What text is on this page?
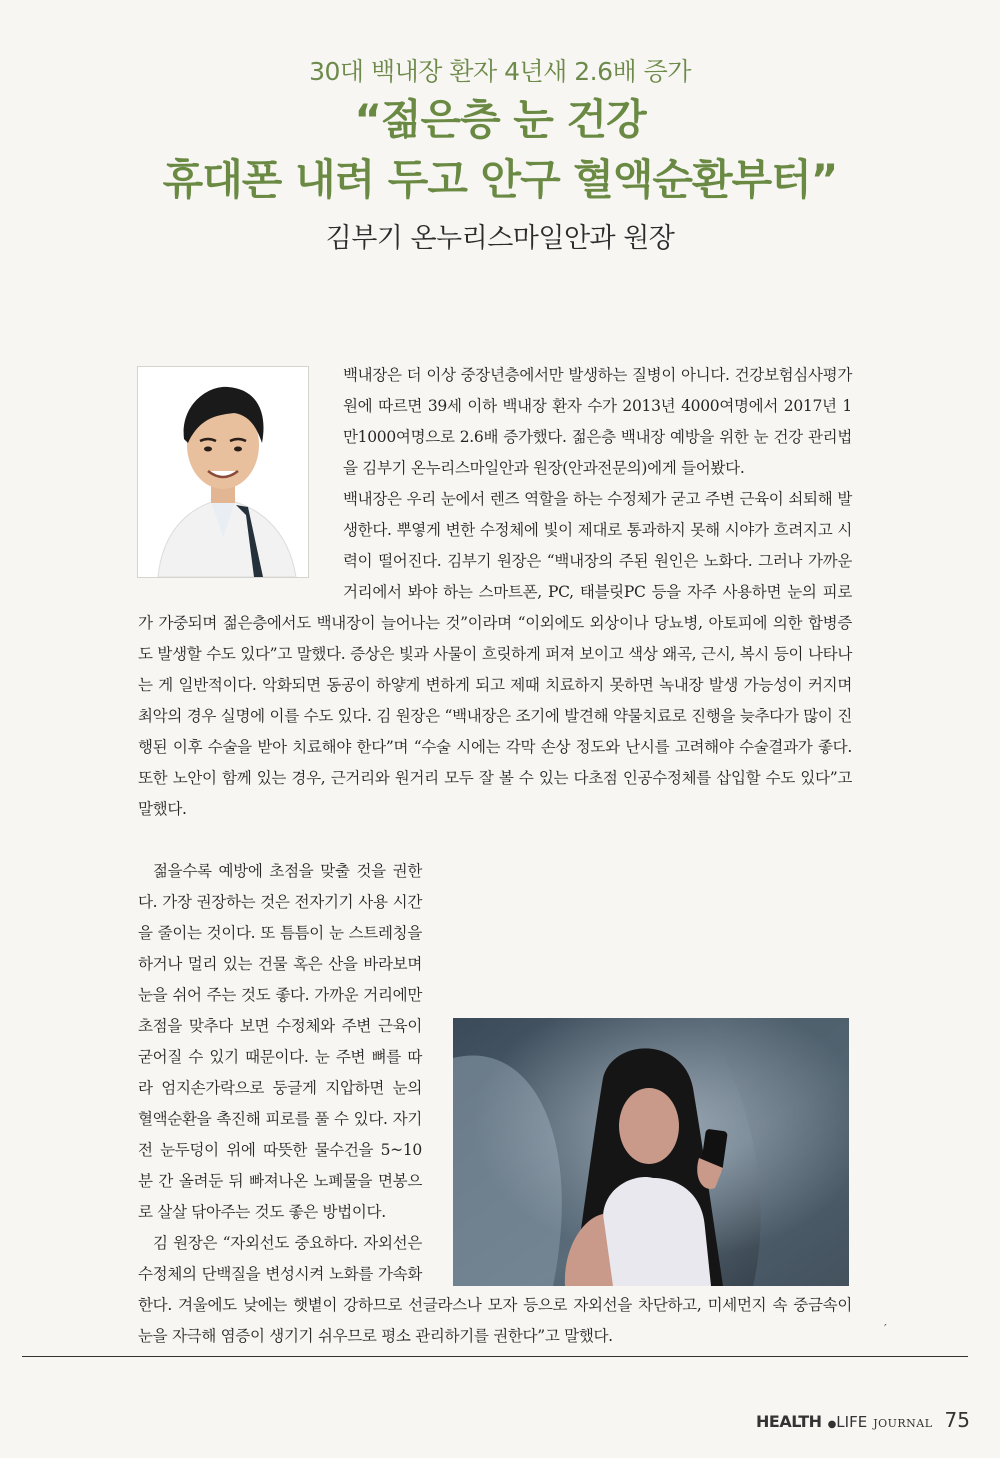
30대 백내장 환자 4년새 2.6배 증가
“젊은층 눈 건강
휴대폰 내려 두고 안구 혈액순환부터”
김부기 온누리스마일안과 원장
백내장은 더 이상 중장년층에서만 발생하는 질병이 아니다. 건강보험심사평가원에 따르면 39세 이하 백내장 환자 수가 2013년 4000여명에서 2017년 1만1000여명으로 2.6배 증가했다. 젊은층 백내장 예방을 위한 눈 건강 관리법을 김부기 온누리스마일안과 원장(안과전문의)에게 들어봤다.
백내장은 우리 눈에서 렌즈 역할을 하는 수정체가 굳고 주변 근육이 쇠퇴해 발생한다. 뿌옇게 변한 수정체에 빛이 제대로 통과하지 못해 시야가 흐려지고 시력이 떨어진다. 김부기 원장은 “백내장의 주된 원인은 노화다. 그러나 가까운 거리에서 봐야 하는 스마트폰, PC, 태블릿PC 등을 자주 사용하면 눈의 피로가 가중되며 젊은층에서도 백내장이 늘어나는 것”이라며 “이외에도 외상이나 당뇨병, 아토피에 의한 합병증도 발생할 수도 있다”고 말했다. 증상은 빛과 사물이 흐릿하게 퍼져 보이고 색상 왜곡, 근시, 복시 등이 나타나는 게 일반적이다. 악화되면 동공이 하얗게 변하게 되고 제때 치료하지 못하면 녹내장 발생 가능성이 커지며 최악의 경우 실명에 이를 수도 있다. 김 원장은 “백내장은 조기에 발견해 약물치료로 진행을 늦추다가 많이 진행된 이후 수술을 받아 치료해야 한다”며 “수술 시에는 각막 손상 정도와 난시를 고려해야 수술결과가 좋다. 또한 노안이 함께 있는 경우, 근거리와 원거리 모두 잘 볼 수 있는 다초점 인공수정체를 삽입할 수도 있다”고 말했다.
젊을수록 예방에 초점을 맞출 것을 권한다. 가장 권장하는 것은 전자기기 사용 시간을 줄이는 것이다. 또 틈틈이 눈 스트레칭을 하거나 멀리 있는 건물 혹은 산을 바라보며 눈을 쉬어 주는 것도 좋다. 가까운 거리에만 초점을 맞추다 보면 수정체와 주변 근육이 굳어질 수 있기 때문이다. 눈 주변 뼈를 따라 엄지손가락으로 둥글게 지압하면 눈의 혈액순환을 촉진해 피로를 풀 수 있다. 자기 전 눈두덩이 위에 따뜻한 물수건을 5~10분 간 올려둔 뒤 빠져나온 노폐물을 면봉으로 살살 닦아주는 것도 좋은 방법이다.
김 원장은 “자외선도 중요하다. 자외선은 수정체의 단백질을 변성시켜 노화를 가속화 한다. 겨울에도 낮에는 햇볕이 강하므로 선글라스나 모자 등으로 자외선을 차단하고, 미세먼지 속 중금속이 눈을 자극해 염증이 생기기 쉬우므로 평소 관리하기를 권한다”고 말했다.	′
HEALTH ●LIFE JOURNAL 75
